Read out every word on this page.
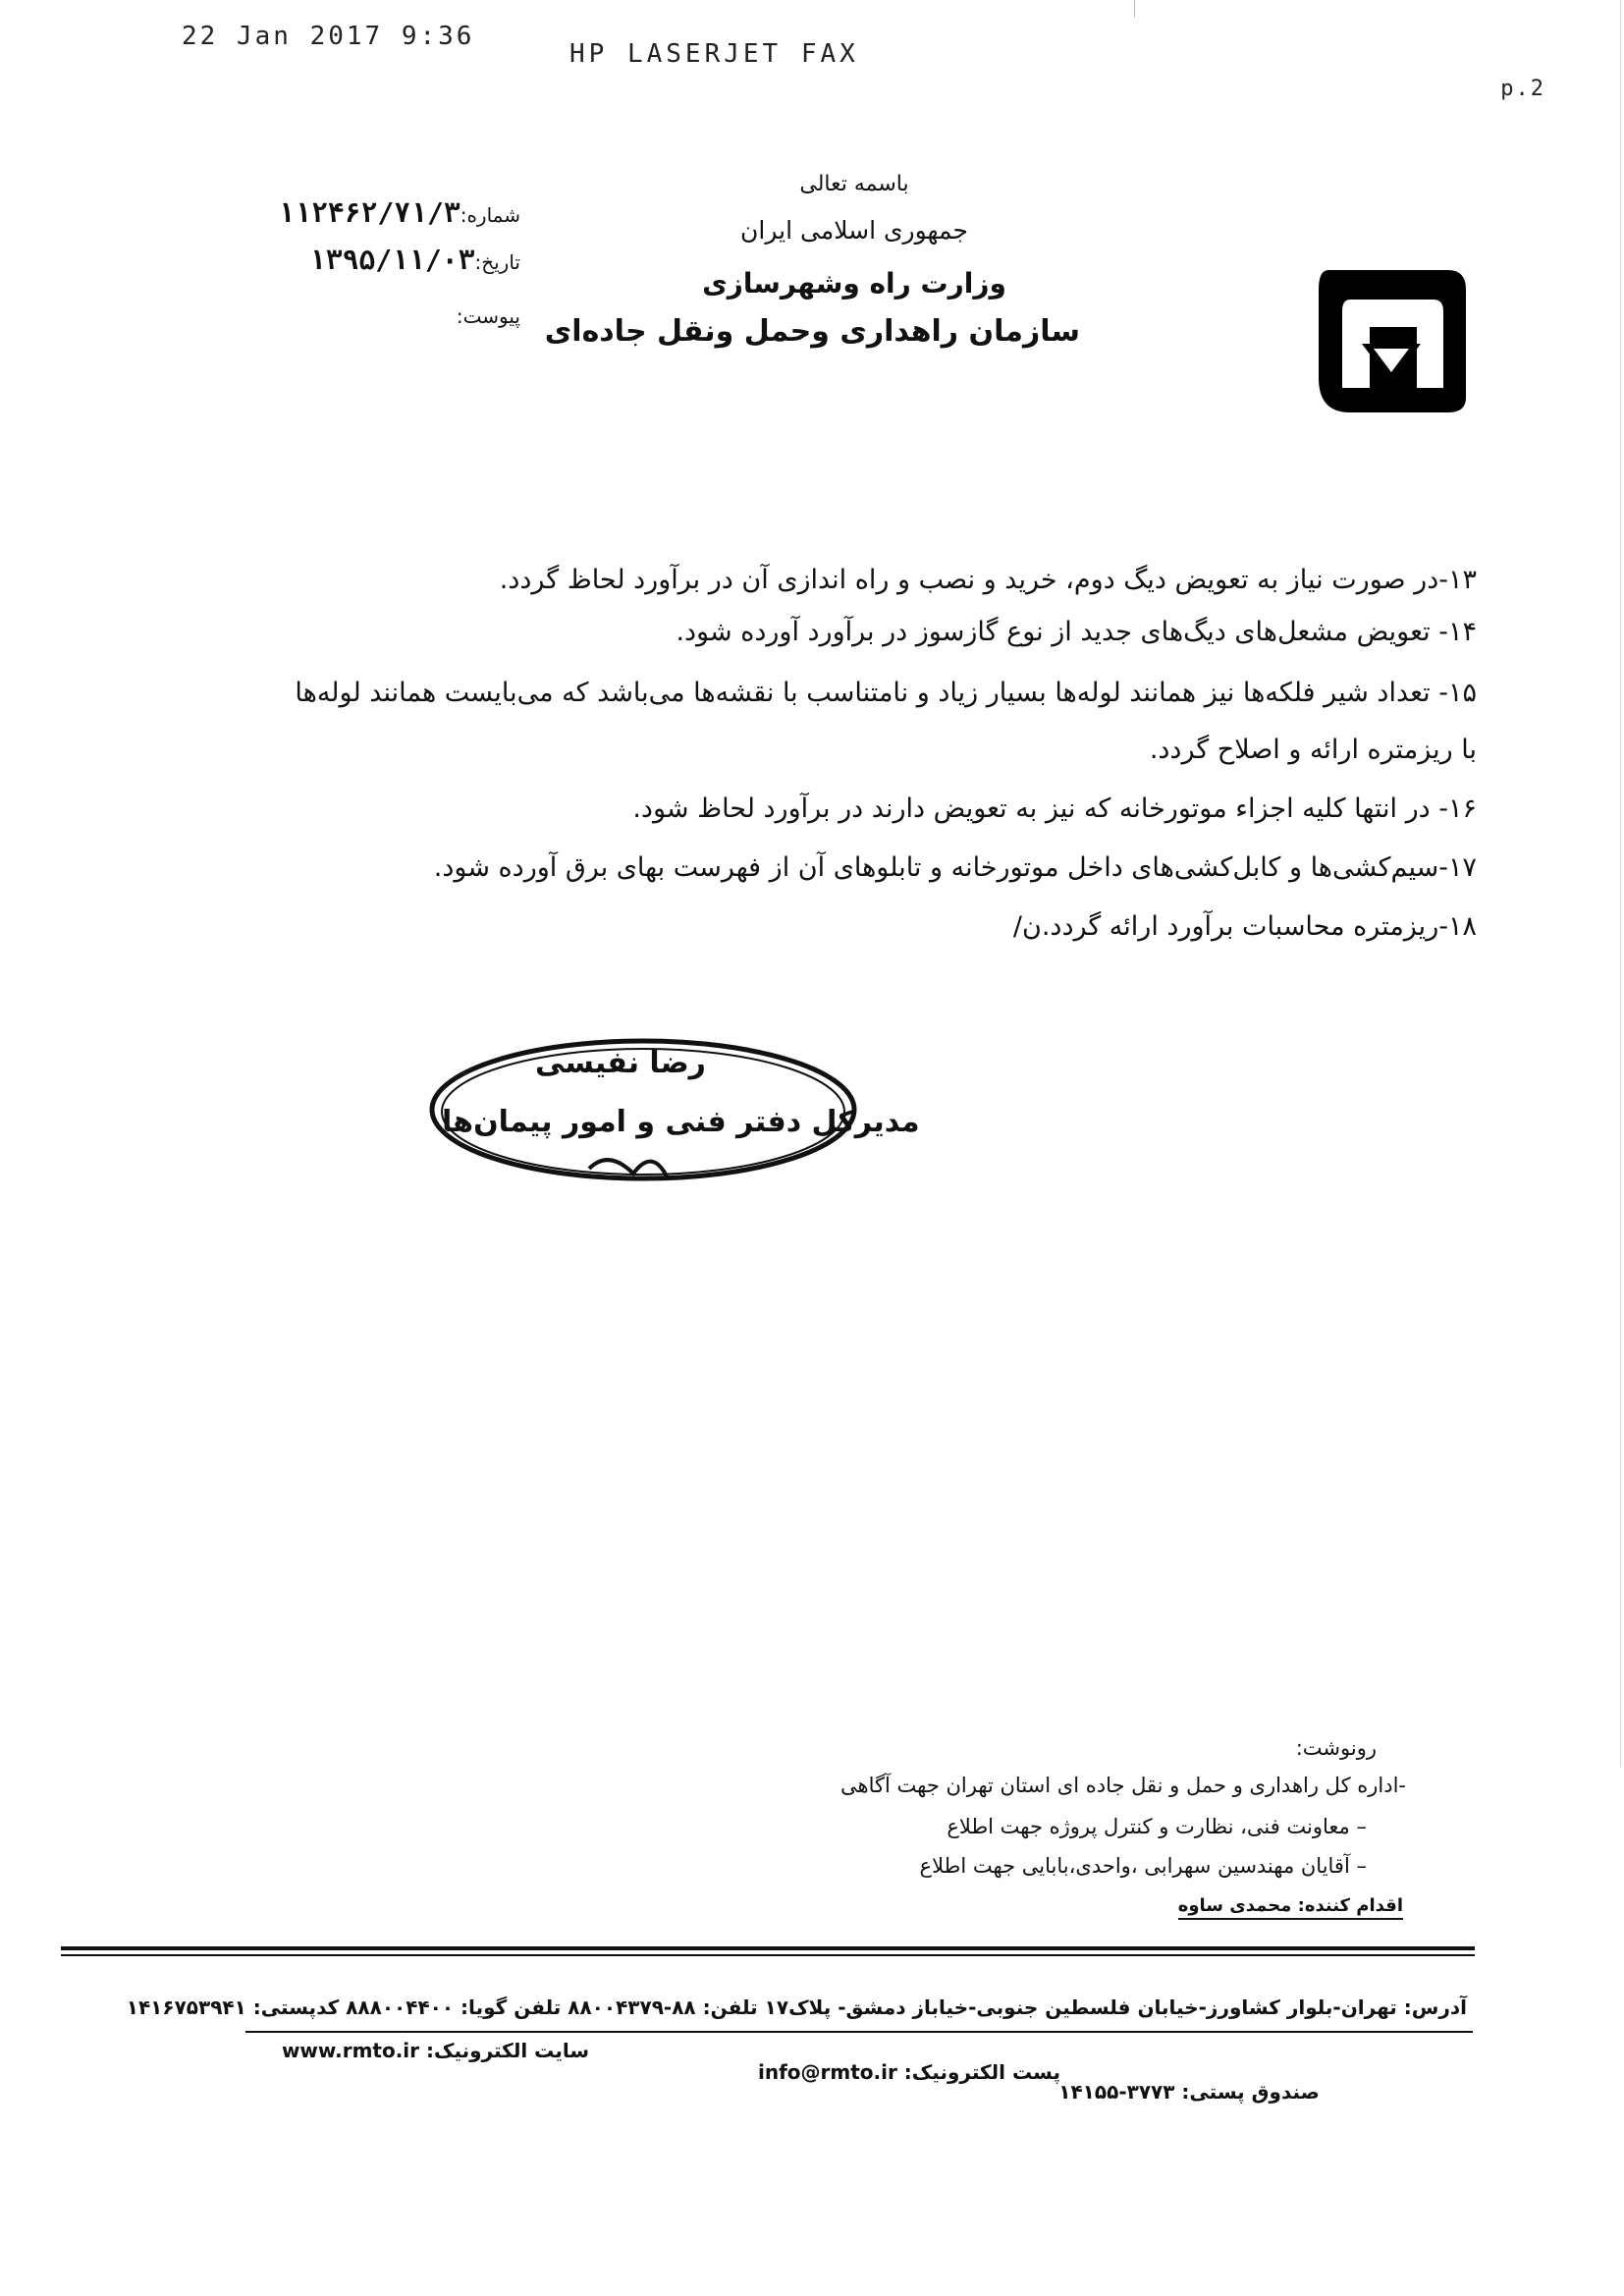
22 Jan 2017 9:36
HP LASERJET FAX
p.2
باسمه تعالی
جمهوری اسلامی ایران
وزارت راه وشهرسازی
سازمان راهداری وحمل ونقل جاده‌ای
شماره:۱۱۲۴۶۲/۷۱/۳
تاریخ:۱۳۹۵/۱۱/۰۳
پیوست:
۱۳-در صورت نیاز به تعویض دیگ دوم، خرید و نصب و راه اندازی آن در برآورد لحاظ گردد.
۱۴- تعویض مشعل‌های دیگ‌های جدید از نوع گازسوز در برآورد آورده شود.
۱۵- تعداد شیر فلکه‌ها نیز همانند لوله‌ها بسیار زیاد و نامتناسب با نقشه‌ها می‌باشد که می‌بایست همانند لوله‌ها
با ریزمتره ارائه و اصلاح گردد.
۱۶- در انتها کلیه اجزاء موتورخانه که نیز به تعویض دارند در برآورد لحاظ شود.
۱۷-سیم‌کشی‌ها و کابل‌کشی‌های داخل موتورخانه و تابلوهای آن از فهرست بهای برق آورده شود.
۱۸-ریزمتره محاسبات برآورد ارائه گردد.ن/
رضا نفیسی
مدیرکل دفتر فنی و امور پیمان‌ها
رونوشت:
-اداره کل راهداری و حمل و نقل جاده ای استان تهران جهت آگاهی
– معاونت فنی، نظارت و کنترل پروژه جهت اطلاع
– آقایان مهندسین سهرابی ،واحدی،بابایی جهت اطلاع
اقدام کننده: محمدی ساوه
آدرس: تهران-بلوار کشاورز-خیابان فلسطین جنوبی-خیاباز دمشق- پلاک۱۷ تلفن: ۸۸-۸۸۰۰۴۳۷۹ تلفن گویا: ۸۸۸۰۰۴۴۰۰ کدپستی: ۱۴۱۶۷۵۳۹۴۱
صندوق پستی: ۳۷۷۳-۱۴۱۵۵
پست الکترونیک: info@rmto.ir
سایت الکترونیک: www.rmto.ir
